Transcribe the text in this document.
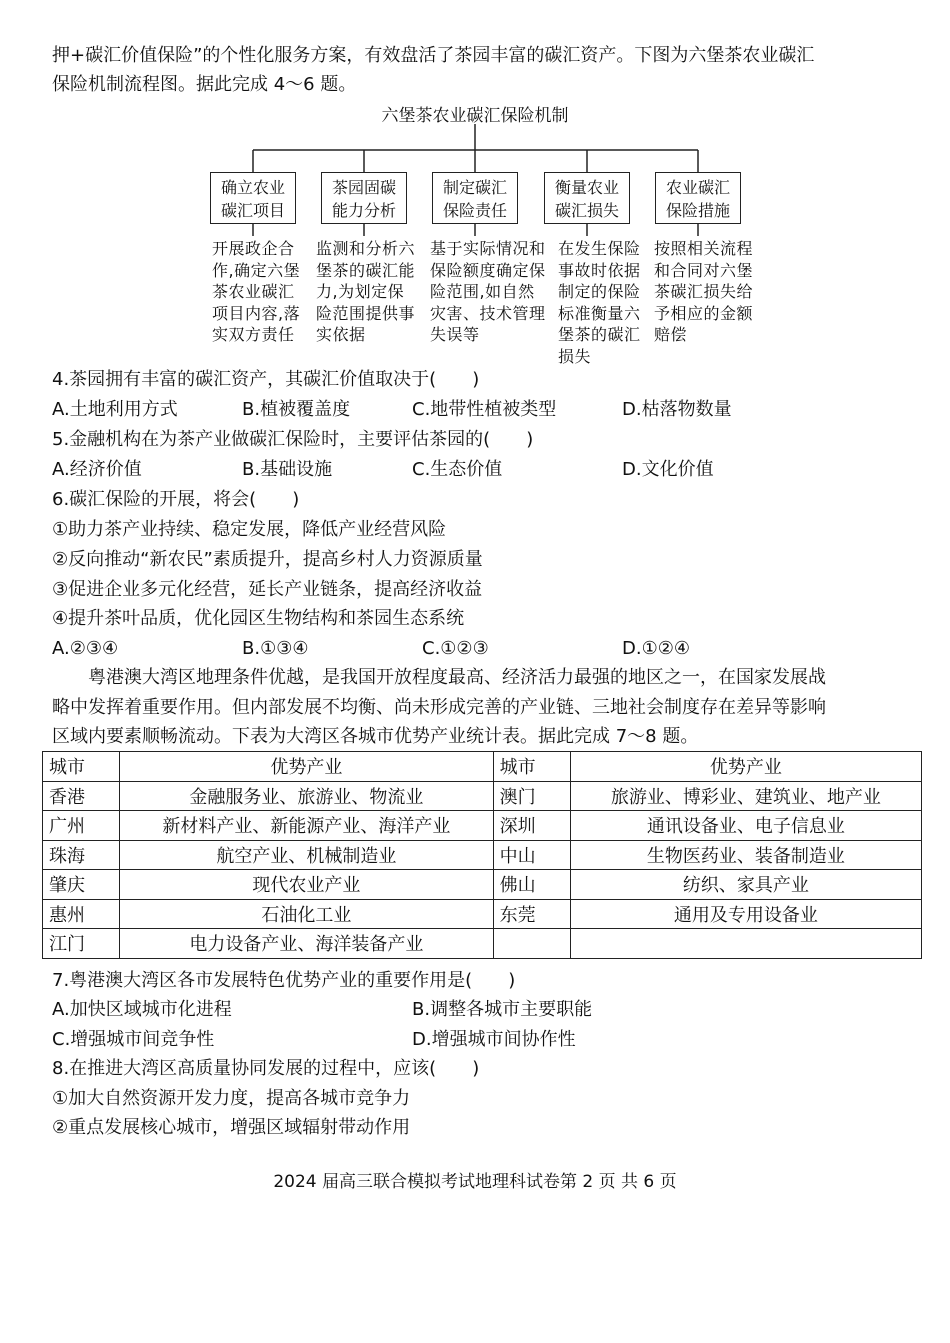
押+碳汇价值保险”的个性化服务方案，有效盘活了茶园丰富的碳汇资产。下图为六堡茶农业碳汇
保险机制流程图。据此完成 4～6 题。
六堡茶农业碳汇保险机制
确立农业
碳汇项目
茶园固碳
能力分析
制定碳汇
保险责任
衡量农业
碳汇损失
农业碳汇
保险措施
开展政企合
作,确定六堡
茶农业碳汇
项目内容,落
实双方责任
监测和分析六
堡茶的碳汇能
力,为划定保
险范围提供事
实依据
基于实际情况和
保险额度确定保
险范围,如自然
灾害、技术管理
失误等
在发生保险
事故时依据
制定的保险
标准衡量六
堡茶的碳汇
损失
按照相关流程
和合同对六堡
茶碳汇损失给
予相应的金额
赔偿
4.茶园拥有丰富的碳汇资产，其碳汇价值取决于(　　)
A.土地利用方式	B.植被覆盖度	C.地带性植被类型	D.枯落物数量
5.金融机构在为茶产业做碳汇保险时，主要评估茶园的(　　)
A.经济价值	B.基础设施	C.生态价值	D.文化价值
6.碳汇保险的开展，将会(　　)
①助力茶产业持续、稳定发展，降低产业经营风险
②反向推动“新农民”素质提升，提高乡村人力资源质量
③促进企业多元化经营，延长产业链条，提高经济收益
④提升茶叶品质，优化园区生物结构和茶园生态系统
A.②③④	B.①③④	C.①②③	D.①②④
　　粤港澳大湾区地理条件优越，是我国开放程度最高、经济活力最强的地区之一，在国家发展战
略中发挥着重要作用。但内部发展不均衡、尚未形成完善的产业链、三地社会制度存在差异等影响
区域内要素顺畅流动。下表为大湾区各城市优势产业统计表。据此完成 7～8 题。
城市	优势产业	城市	优势产业
香港	金融服务业、旅游业、物流业	澳门	旅游业、博彩业、建筑业、地产业
广州	新材料产业、新能源产业、海洋产业	深圳	通讯设备业、电子信息业
珠海	航空产业、机械制造业	中山	生物医药业、装备制造业
肇庆	现代农业产业	佛山	纺织、家具产业
惠州	石油化工业	东莞	通用及专用设备业
江门	电力设备产业、海洋装备产业		
7.粤港澳大湾区各市发展特色优势产业的重要作用是(　　)
A.加快区域城市化进程	B.调整各城市主要职能
C.增强城市间竞争性	D.增强城市间协作性
8.在推进大湾区高质量协同发展的过程中，应该(　　)
①加大自然资源开发力度，提高各城市竞争力
②重点发展核心城市，增强区域辐射带动作用
2024 届高三联合模拟考试地理科试卷第 2 页 共 6 页
